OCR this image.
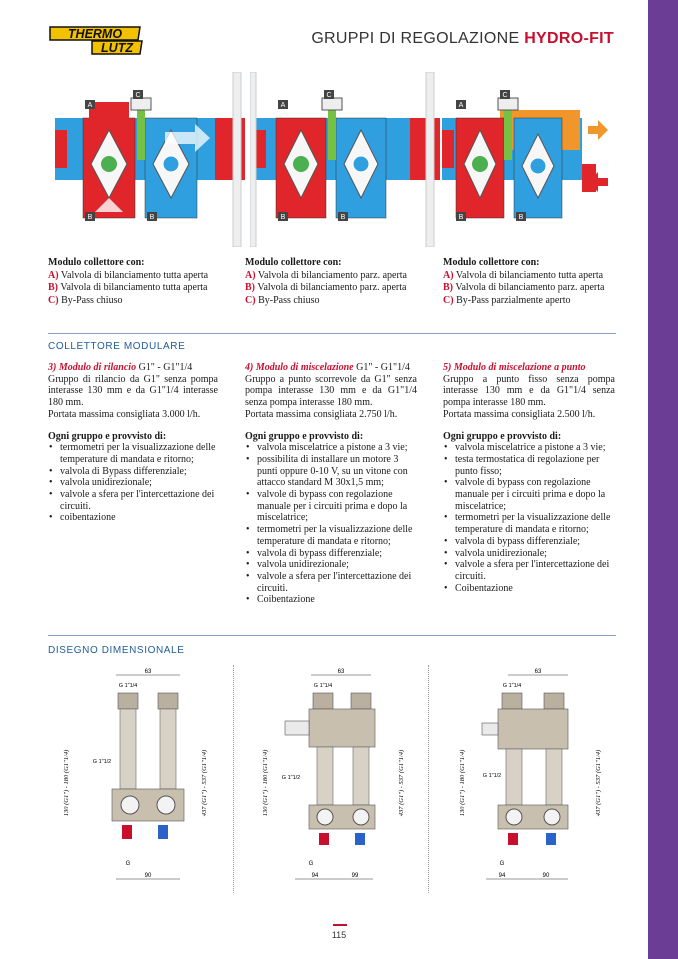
GRUPPI DI REGOLAZIONE
THERMO
LUTZ
GRUPPI DI REGOLAZIONE HYDRO-FIT
A
B
C
B
A
B
C
B
A
B
C
B
Modulo collettore con:
A) Valvola di bilanciamento tutta aperta
B) Valvola di bilanciamento tutta aperta
C) By-Pass chiuso
Modulo collettore con:
A) Valvola di bilanciamento parz. aperta
B) Valvola di bilanciamento parz. aperta
C) By-Pass chiuso
Modulo collettore con:
A) Valvola di bilanciamento tutta aperta
B) Valvola di bilanciamento parz. aperta
C) By-Pass parzialmente aperto
COLLETTORE MODULARE
3) Modulo di rilancio G1" - G1"1/4
Gruppo di rilancio da G1" senza pompa interasse 130 mm e da G1"1/4 interasse 180 mm.
Portata massima consigliata 3.000 l/h.
Ogni gruppo e provvisto di:
• termometri per la visualizzazione delle temperature di mandata e ritorno;
• valvola di Bypass differenziale;
• valvola unidirezionale;
• valvole a sfera per l'intercettazione dei circuiti.
• coibentazione
4) Modulo di miscelazione G1" - G1"1/4
Gruppo a punto scorrevole da G1" senza pompa interasse 130 mm e da G1"1/4 senza pompa interasse 180 mm.
Portata massima consigliata 2.750 l/h.
Ogni gruppo e provvisto di:
• valvola miscelatrice a pistone a 3 vie;
• possibilita di installare un motore 3 punti oppure 0-10 V, su un vitone con attacco standard M 30x1,5 mm;
• valvole di bypass con regolazione manuale per i circuiti prima e dopo la miscelatrice;
• termometri per la visualizzazione delle temperature di mandata e ritorno;
• valvola di bypass differenziale;
• valvola unidirezionale;
• valvole a sfera per l'intercettazione dei circuiti.
• Coibentazione
5) Modulo di miscelazione a punto
Gruppo a punto fisso senza pompa interasse 130 mm e da G1"1/4 senza pompa interasse 180 mm.
Portata massima consigliata 2.500 l/h.
Ogni gruppo e provvisto di:
• valvola miscelatrice a pistone a 3 vie;
• testa termostatica di regolazione per punto fisso;
• valvole di bypass con regolazione manuale per i circuiti prima e dopo la miscelatrice;
• termometri per la visualizzazione delle temperature di mandata e ritorno;
• valvola di bypass differenziale;
• valvola unidirezionale;
• valvole a sfera per l'intercettazione dei circuiti.
• Coibentazione
DISEGNO DIMENSIONALE
63
G 1"1/4
G 1"1/2
G
90
130 (G1") - 180 (G1"1/4)	437 (G1") - 537 (G1"1/4)
63
G 1"1/4
G 1"1/2
G
94	99
130 (G1") - 180 (G1"1/4)	437 (G1") - 537 (G1"1/4)
63
G 1"1/4
G 1"1/2
G
94	90
130 (G1") - 180 (G1"1/4)	437 (G1") - 537 (G1"1/4)
115
